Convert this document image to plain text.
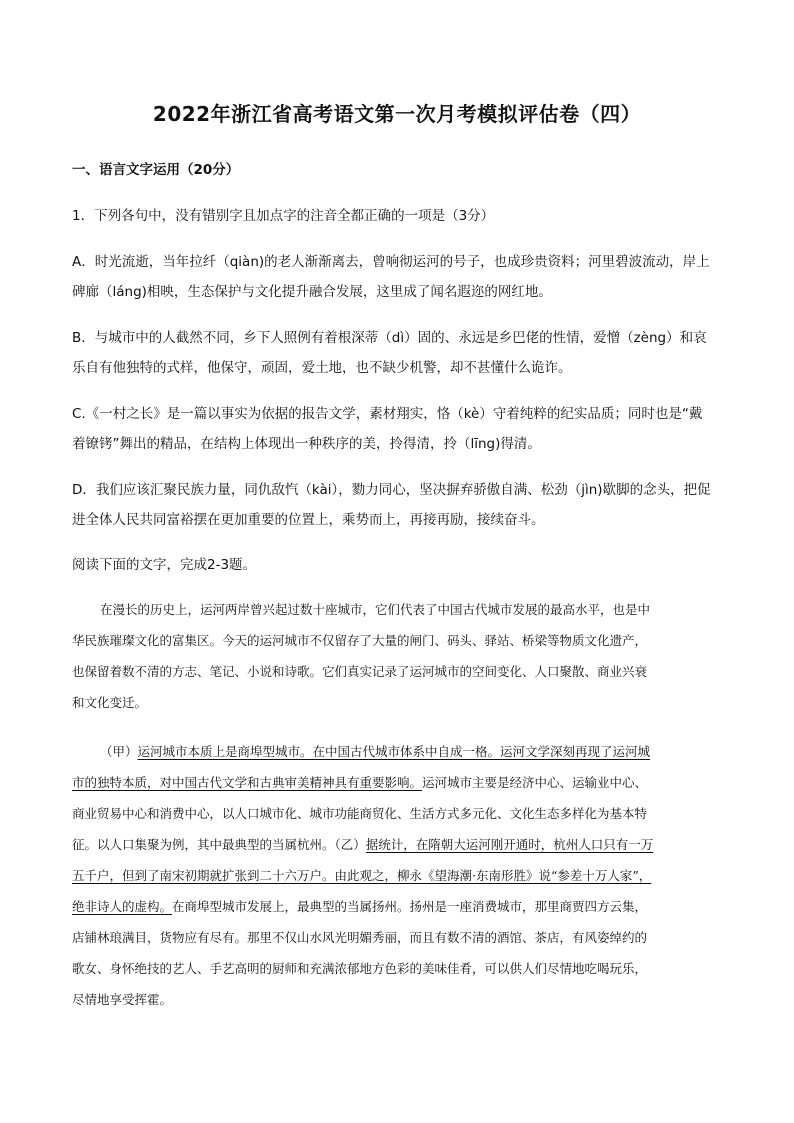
2022年浙江省高考语文第一次月考模拟评估卷（四）
一、语言文字运用（20分）
1．下列各句中，没有错别字且加点字的注音全都正确的一项是（3分）
A．时光流逝，当年拉纤（qiàn)的老人渐渐离去，曾响彻运河的号子，也成珍贵资料；河里碧波流动，岸上
碑廊（láng)相映，生态保护与文化提升融合发展，这里成了闻名遐迩的网红地。
B．与城市中的人截然不同，乡下人照例有着根深蒂（dì）固的、永远是乡巴佬的性情，爱憎（zèng）和哀
乐自有他独特的式样，他保守，顽固，爱土地，也不缺少机警，却不甚懂什么诡诈。
C.《一村之长》是一篇以事实为依据的报告文学，素材翔实，恪（kè）守着纯粹的纪实品质；同时也是“戴
着镣铐”舞出的精品，在结构上体现出一种秩序的美，拎得清，拎（līng)得清。
D．我们应该汇聚民族力量，同仇敌忾（kài），勠力同心，坚决摒弃骄傲自满、松劲（jìn)歇脚的念头，把促
进全体人民共同富裕摆在更加重要的位置上，乘势而上，再接再励，接续奋斗。
阅读下面的文字，完成2-3题。
在漫长的历史上，运河两岸曾兴起过数十座城市，它们代表了中国古代城市发展的最高水平，也是中
华民族璀璨文化的富集区。今天的运河城市不仅留存了大量的闸门、码头、驿站、桥梁等物质文化遗产，
也保留着数不清的方志、笔记、小说和诗歌。它们真实记录了运河城市的空间变化、人口聚散、商业兴衰
和文化变迁。
（甲）运河城市本质上是商埠型城市。在中国古代城市体系中自成一格。运河文学深刻再现了运河城
市的独特本质，对中国古代文学和古典审美精神具有重要影响。运河城市主要是经济中心、运输业中心、
商业贸易中心和消费中心，以人口城市化、城市功能商贸化、生活方式多元化、文化生态多样化为基本特
征。以人口集聚为例，其中最典型的当属杭州。（乙）据统计，在隋朝大运河刚开通时，杭州人口只有一万
五千户，但到了南宋初期就扩张到二十六万户。由此观之，柳永《望海潮·东南形胜》说“参差十万人家”，
绝非诗人的虚构。在商埠型城市发展上，最典型的当属扬州。扬州是一座消费城市，那里商贾四方云集，
店铺林琅满目，货物应有尽有。那里不仅山水风光明媚秀丽，而且有数不清的酒馆、茶店，有风姿绰约的
歌女、身怀绝技的艺人、手艺高明的厨师和充满浓郁地方色彩的美味佳肴，可以供人们尽情地吃喝玩乐，
尽情地享受挥霍。
